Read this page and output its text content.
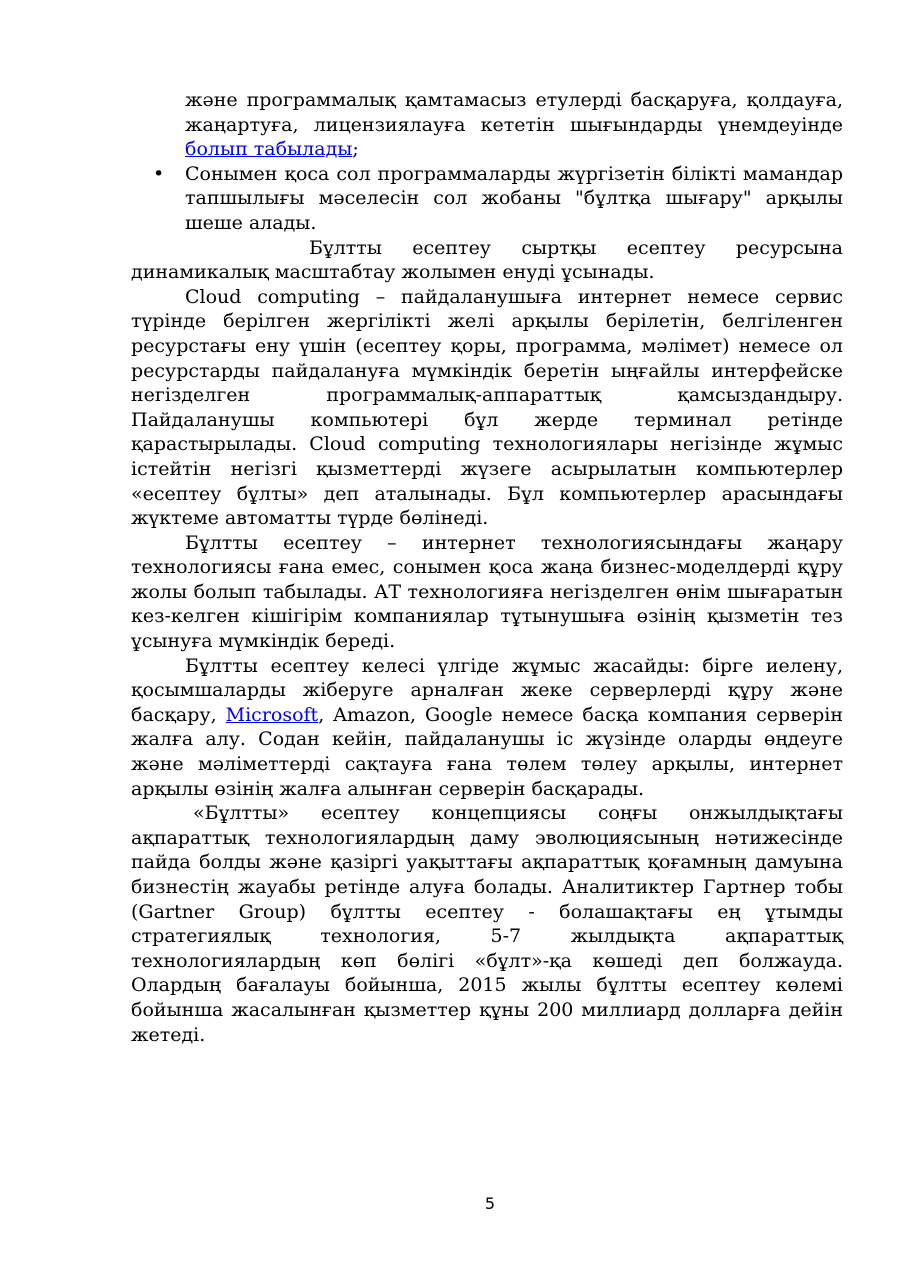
және программалық қамтамасыз етулерді басқаруға, қолдауға, жаңартуға, лицензиялауға кететін шығындарды үнемдеуінде болып табылады;
• Сонымен қоса сол программаларды жүргізетін білікті мамандар тапшылығы мәселесін сол жобаны "бұлтқа шығару" арқылы шеше алады.

Бұлтты есептеу сыртқы есептеу ресурсына динамикалық масштабтау жолымен енуді ұсынады.

Cloud computing – пайдаланушыға интернет немесе сервис түрінде берілген жергілікті желі арқылы берілетін, белгіленген ресурстағы ену үшін (есептеу қоры, программа, мәлімет) немесе ол ресурстарды пайдалануға мүмкіндік беретін ыңғайлы интерфейске негізделген программалық-аппараттық қамсыздандыру. Пайдаланушы компьютері бұл жерде терминал ретінде қарастырылады. Cloud computing технологиялары негізінде жұмыс істейтін негізгі қызметтерді жүзеге асырылатын компьютерлер «есептеу бұлты» деп аталынады. Бұл компьютерлер арасындағы жүктеме автоматты түрде бөлінеді.

Бұлтты есептеу – интернет технологиясындағы жаңару технологиясы ғана емес, сонымен қоса жаңа бизнес-моделдерді құру жолы болып табылады. АТ технологияға негізделген өнім шығаратын кез-келген кішігірім компаниялар тұтынушыға өзінің қызметін тез ұсынуға мүмкіндік береді.

Бұлтты есептеу келесі үлгіде жұмыс жасайды: бірге иелену, қосымшаларды жіберуге арналған жеке серверлерді құру және басқару, Microsoft, Amazon, Google немесе басқа компания серверін жалға алу. Содан кейін, пайдаланушы іс жүзінде оларды өңдеуге және мәліметтерді сақтауға ғана төлем төлеу арқылы, интернет арқылы өзінің жалға алынған серверін басқарады.

«Бұлтты» есептеу концепциясы соңғы онжылдықтағы ақпараттық технологиялардың даму эволюциясының нәтижесінде пайда болды және қазіргі уақыттағы ақпараттық қоғамның дамуына бизнестің жауабы ретінде алуға болады. Аналитиктер Гартнер тобы (Gartner Group) бұлтты есептеу - болашақтағы ең ұтымды стратегиялық технология, 5-7 жылдықта ақпараттық технологиялардың көп бөлігі «бұлт»-қа көшеді деп болжауда. Олардың бағалауы бойынша, 2015 жылы бұлтты есептеу көлемі бойынша жасалынған қызметтер құны 200 миллиард долларға дейін жетеді.

5
